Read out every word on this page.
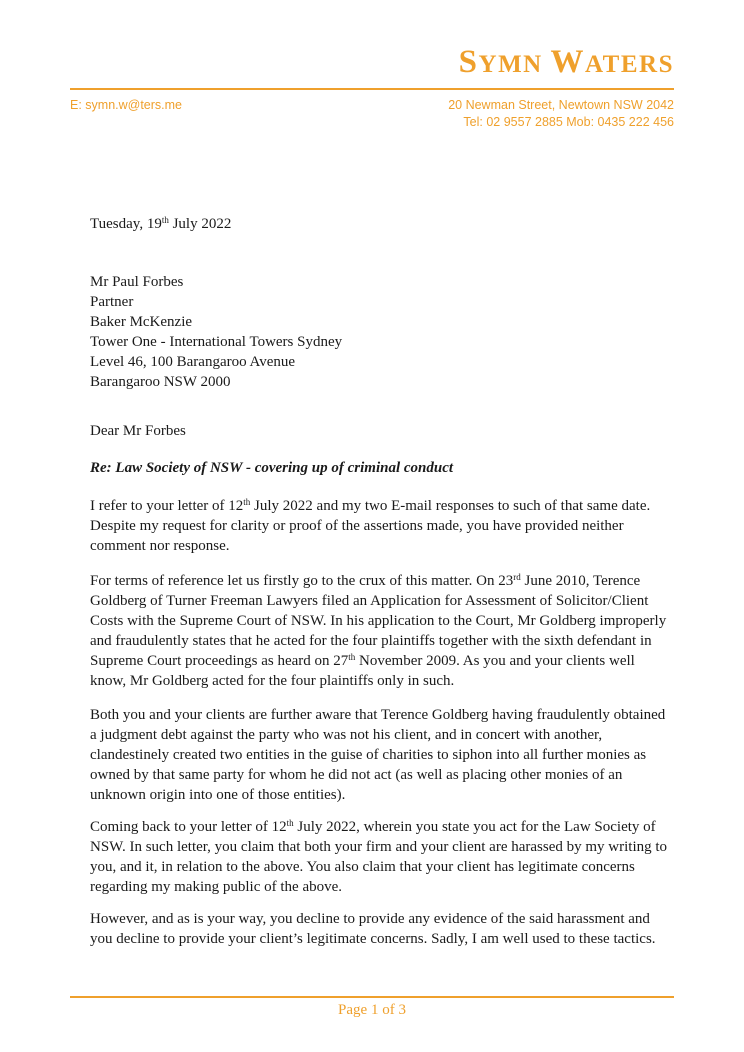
SYMN WATERS
E: symn.w@ters.me	20 Newman Street, Newtown NSW 2042
Tel: 02 9557 2885 Mob: 0435 222 456
Tuesday, 19th July 2022
Mr Paul Forbes
Partner
Baker McKenzie
Tower One - International Towers Sydney
Level 46, 100 Barangaroo Avenue
Barangaroo NSW 2000
Dear Mr Forbes
Re: Law Society of NSW - covering up of criminal conduct

I refer to your letter of 12th July 2022 and my two E-mail responses to such of that same date. Despite my request for clarity or proof of the assertions made, you have provided neither comment nor response.

For terms of reference let us firstly go to the crux of this matter. On 23rd June 2010, Terence Goldberg of Turner Freeman Lawyers filed an Application for Assessment of Solicitor/Client Costs with the Supreme Court of NSW. In his application to the Court, Mr Goldberg improperly and fraudulently states that he acted for the four plaintiffs together with the sixth defendant in Supreme Court proceedings as heard on 27th November 2009. As you and your clients well know, Mr Goldberg acted for the four plaintiffs only in such.

Both you and your clients are further aware that Terence Goldberg having fraudulently obtained a judgment debt against the party who was not his client, and in concert with another, clandestinely created two entities in the guise of charities to siphon into all further monies as owned by that same party for whom he did not act (as well as placing other monies of an unknown origin into one of those entities).

Coming back to your letter of 12th July 2022, wherein you state you act for the Law Society of NSW. In such letter, you claim that both your firm and your client are harassed by my writing to you, and it, in relation to the above. You also claim that your client has legitimate concerns regarding my making public of the above.

However, and as is your way, you decline to provide any evidence of the said harassment and you decline to provide your client’s legitimate concerns. Sadly, I am well used to these tactics.

Page 1 of 3
